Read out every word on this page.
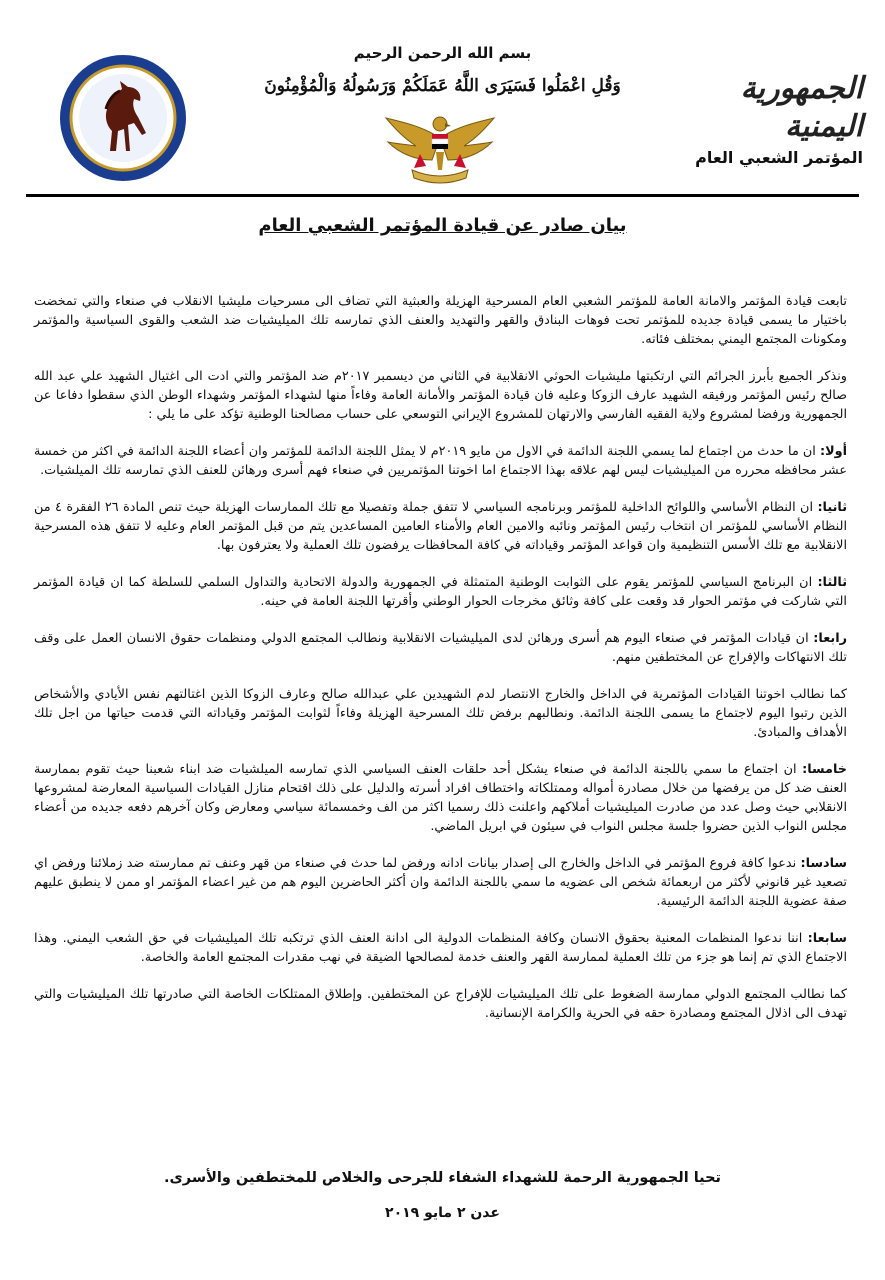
الجمهورية اليمنية
المؤتمر الشعبي العام
بسم الله الرحمن الرحيم
وَقُلِ اعْمَلُوا فَسَيَرَى اللَّهُ عَمَلَكُمْ وَرَسُولُهُ وَالْمُؤْمِنُونَ
بيان صادر عن قيادة المؤتمر الشعبي العام

تابعت قيادة المؤتمر والامانة العامة للمؤتمر الشعبي العام المسرحية الهزيلة والعبثية التي تضاف الى مسرحيات مليشيا الانقلاب في صنعاء والتي تمخضت باختيار ما يسمى قيادة جديده للمؤتمر تحت فوهات البنادق والقهر والتهديد والعنف الذي تمارسه تلك الميليشيات ضد الشعب والقوى السياسية والمؤتمر ومكونات المجتمع اليمني بمختلف فئاته.

ونذكر الجميع بأبرز الجرائم التي ارتكبتها مليشيات الحوثي الانقلابية في الثاني من ديسمبر ٢٠١٧م ضد المؤتمر والتي ادت الى اغتيال الشهيد علي عبد الله صالح رئيس المؤتمر ورفيقه الشهيد عارف الزوكا وعليه فان قيادة المؤتمر والأمانة العامة وفاءاً منها لشهداء المؤتمر وشهداء الوطن الذي سقطوا دفاعا عن الجمهورية ورفضا لمشروع ولاية الفقيه الفارسي والارتهان للمشروع الإيراني التوسعي على حساب مصالحنا الوطنية تؤكد على ما يلي :

أولا: ان ما حدث من اجتماع لما يسمي اللجنة الدائمة في الاول من مايو ٢٠١٩م لا يمثل اللجنة الدائمة للمؤتمر وان أعضاء اللجنة الدائمة في اكثر من خمسة عشر محافظه محرره من الميليشيات ليس لهم علاقه بهذا الاجتماع اما اخوتنا المؤتمريين في صنعاء فهم أسرى ورهائن للعنف الذي تمارسه تلك الميلشيات.

ثانيا: ان النظام الأساسي واللوائح الداخلية للمؤتمر وبرنامجه السياسي لا تتفق جملة وتفصيلا مع تلك الممارسات الهزيلة حيث تنص المادة ٢٦ الفقرة ٤ من النظام الأساسي للمؤتمر ان انتخاب رئيس المؤتمر ونائبه والامين العام والأمناء العامين المساعدين يتم من قبل المؤتمر العام وعليه لا تتفق هذه المسرحية الانقلابية مع تلك الأسس التنظيمية وان قواعد المؤتمر وقياداته في كافة المحافظات يرفضون تلك العملية ولا يعترفون بها.

ثالثا: ان البرنامج السياسي للمؤتمر يقوم على الثوابت الوطنية المتمثلة في الجمهورية والدولة الاتحادية والتداول السلمي للسلطة كما ان قيادة المؤتمر التي شاركت في مؤتمر الحوار قد وقعت على كافة وثائق مخرجات الحوار الوطني وأقرتها اللجنة العامة في حينه.

رابعا: ان قيادات المؤتمر في صنعاء اليوم هم أسرى ورهائن لدى الميليشيات الانقلابية ونطالب المجتمع الدولي ومنظمات حقوق الانسان العمل على وقف تلك الانتهاكات والإفراج عن المختطفين منهم.

كما نطالب اخوتنا القيادات المؤتمرية في الداخل والخارج الانتصار لدم الشهيدين علي عبدالله صالح وعارف الزوكا الذين اغتالتهم نفس الأيادي والأشخاص الذين رتبوا اليوم لاجتماع ما يسمى اللجنة الدائمة. ونطالبهم برفض تلك المسرحية الهزيلة وفاءاً لثوابت المؤتمر وقياداته التي قدمت حياتها من اجل تلك الأهداف والمبادئ.

خامسا: ان اجتماع ما سمي باللجنة الدائمة في صنعاء يشكل أحد حلقات العنف السياسي الذي تمارسه الميلشيات ضد ابناء شعبنا حيث تقوم بممارسة العنف ضد كل من يرفضها من خلال مصادرة أمواله وممتلكاته واختطاف افراد أسرته والدليل على ذلك اقتحام منازل القيادات السياسية المعارضة لمشروعها الانقلابي حيث وصل عدد من صادرت الميليشيات أملاكهم واعلنت ذلك رسميا اكثر من الف وخمسمائة سياسي ومعارض وكان آخرهم دفعه جديده من أعضاء مجلس النواب الذين حضروا جلسة مجلس النواب في سيئون في ابريل الماضي.

سادسا: ندعوا كافة فروع المؤتمر في الداخل والخارج الى إصدار بيانات ادانه ورفض لما حدث في صنعاء من قهر وعنف تم ممارسته ضد زملائنا ورفض اي تصعيد غير قانوني لأكثر من اربعمائة شخص الى عضويه ما سمي باللجنة الدائمة وان أكثر الحاضرين اليوم هم من غير اعضاء المؤتمر او ممن لا ينطبق عليهم صفة عضوية اللجنة الدائمة الرئيسية.

سابعا: اننا ندعوا المنظمات المعنية بحقوق الانسان وكافة المنظمات الدولية الى ادانة العنف الذي ترتكبه تلك الميليشيات في حق الشعب اليمني. وهذا الاجتماع الذي تم إنما هو جزء من تلك العملية لممارسة القهر والعنف خدمة لمصالحها الضيقة في نهب مقدرات المجتمع العامة والخاصة.

كما نطالب المجتمع الدولي ممارسة الضغوط على تلك الميليشيات للإفراج عن المختطفين. وإطلاق الممتلكات الخاصة التي صادرتها تلك الميليشيات والتي تهدف الى اذلال المجتمع ومصادرة حقه في الحرية والكرامة الإنسانية.

تحيا الجمهورية الرحمة للشهداء الشفاء للجرحى والخلاص للمختطفين والأسرى.
عدن ٢ مايو ٢٠١٩
